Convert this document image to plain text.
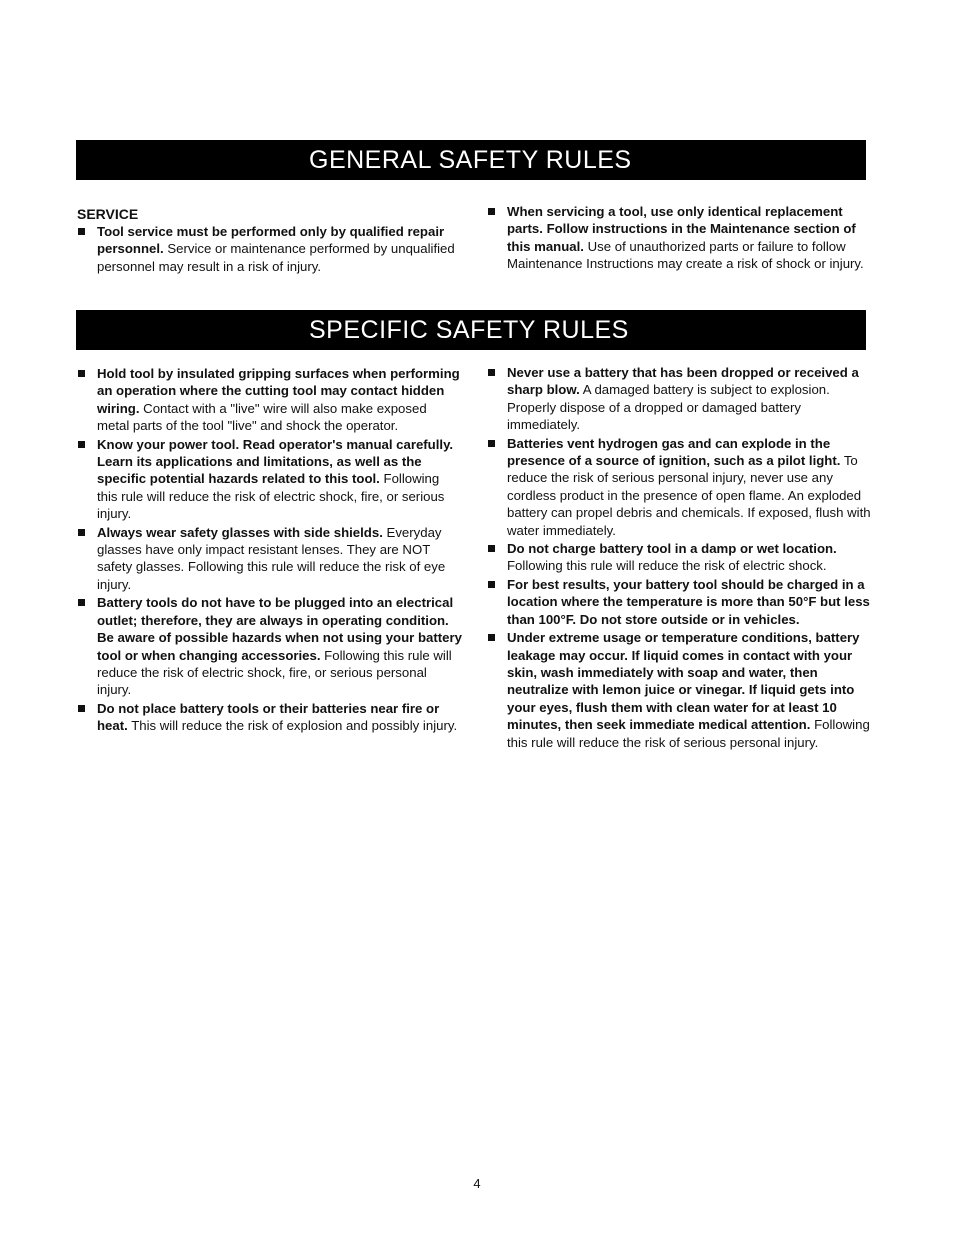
GENERAL SAFETY RULES

SERVICE

Tool service must be performed only by qualified repair personnel. Service or maintenance performed by unqualified personnel may result in a risk of injury.
When servicing a tool, use only identical replacement parts. Follow instructions in the Maintenance section of this manual. Use of unauthorized parts or failure to follow Maintenance Instructions may create a risk of shock or injury.
SPECIFIC SAFETY RULES
Hold tool by insulated gripping surfaces when performing an operation where the cutting tool may contact hidden wiring. Contact with a "live" wire will also make exposed metal parts of the tool "live" and shock the operator.
Know your power tool. Read operator's manual carefully. Learn its applications and limitations, as well as the specific potential hazards related to this tool. Following this rule will reduce the risk of electric shock, fire, or serious injury.
Always wear safety glasses with side shields. Everyday glasses have only impact resistant lenses. They are NOT safety glasses. Following this rule will reduce the risk of eye injury.
Battery tools do not have to be plugged into an electrical outlet; therefore, they are always in operating condition. Be aware of possible hazards when not using your battery tool or when changing accessories. Following this rule will reduce the risk of electric shock, fire, or serious personal injury.
Do not place battery tools or their batteries near fire or heat. This will reduce the risk of explosion and possibly injury.
Never use a battery that has been dropped or received a sharp blow. A damaged battery is subject to explosion. Properly dispose of a dropped or damaged battery immediately.
Batteries vent hydrogen gas and can explode in the presence of a source of ignition, such as a pilot light. To reduce the risk of serious personal injury, never use any cordless product in the presence of open flame. An exploded battery can propel debris and chemicals. If exposed, flush with water immediately.
Do not charge battery tool in a damp or wet location. Following this rule will reduce the risk of electric shock.
For best results, your battery tool should be charged in a location where the temperature is more than 50°F but less than 100°F. Do not store outside or in vehicles.
Under extreme usage or temperature conditions, battery leakage may occur. If liquid comes in contact with your skin, wash immediately with soap and water, then neutralize with lemon juice or vinegar. If liquid gets into your eyes, flush them with clean water for at least 10 minutes, then seek immediate medical attention. Following this rule will reduce the risk of serious personal injury.
4
